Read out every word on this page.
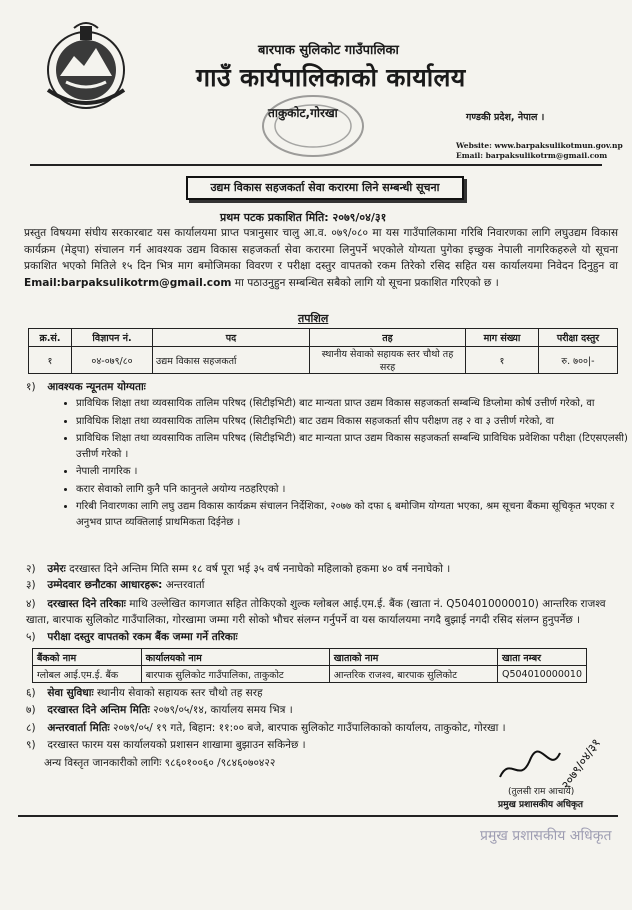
बारपाक सुलिकोट गाउँपालिका
गाउँ कार्यपालिकाको कार्यालय
ताकुकोट,गोरखा	गण्डकी प्रदेश, नेपाल ।
Website: www.barpaksulikotmun.gov.np
Email: barpaksulikotrm@gmail.com
उद्यम विकास सहजकर्ता सेवा करारमा लिने सम्बन्धी सूचना
प्रथम पटक प्रकाशित मिति: २०७९/०४/३१
प्रस्तुत विषयमा संघीय सरकारबाट यस कार्यालयमा प्राप्त पत्रानुसार चालु आ.व. ०७९/०८० मा यस गाउँपालिकामा गरिबि निवारणका लागि लघुउद्यम विकास कार्यक्रम (मेड्पा) संचालन गर्न आवश्यक उद्यम विकास सहजकर्ता सेवा करारमा लिनुपर्ने भएकोले योग्यता पुगेका इच्छुक नेपाली नागरिकहरुले यो सूचना प्रकाशित भएको मितिले १५ दिन भित्र माग बमोजिमका विवरण र परीक्षा दस्तुर वापतको रकम तिरेको रसिद सहित यस कार्यालयमा निवेदन दिनुहुन वा Email:barpaksulikotrm@gmail.com मा पठाउनुहुन सम्बन्धित सबैको लागि यो सूचना प्रकाशित गरिएको छ ।
तपशिल
क्र.सं.	विज्ञापन नं.	पद	तह	माग संख्या	परीक्षा दस्तुर
१	०४-०७९/८०	उद्यम विकास सहजकर्ता	स्थानीय सेवाको सहायक स्तर चौथो तह सरह	१	रु. ७००|-
१) आवश्यक न्यूनतम योग्यताः
• प्राविधिक शिक्षा तथा व्यवसायिक तालिम परिषद (सिटीइभिटी) बाट मान्यता प्राप्त उद्यम विकास सहजकर्ता सम्बन्धि डिप्लोमा कोर्ष उत्तीर्ण गरेको, वा
• प्राविधिक शिक्षा तथा व्यवसायिक तालिम परिषद (सिटीइभिटी) बाट उद्यम विकास सहजकर्ता सीप परीक्षण तह २ वा ३ उत्तीर्ण गरेको, वा
• प्राविधिक शिक्षा तथा व्यवसायिक तालिम परिषद (सिटीइभिटी) बाट मान्यता प्राप्त उद्यम विकास सहजकर्ता सम्बन्धि प्राविधिक प्रवेशिका परीक्षा (टिएसएलसी) उत्तीर्ण गरेको ।
• नेपाली नागरिक ।
• करार सेवाको लागि कुनै पनि कानुनले अयोग्य नठहरिएको ।
• गरिबी निवारणका लागि लघु उद्यम विकास कार्यक्रम संचालन निर्देशिका, २०७७ को दफा ६ बमोजिम योग्यता भएका, श्रम सूचना बैंकमा सूचिकृत भएका र अनुभव प्राप्त व्यक्तिलाई प्राथमिकता दिईनेछ ।
२) उमेरः दरखास्त दिने अन्तिम मिति सम्म १८ वर्ष पूरा भई ३५ वर्ष ननाघेको महिलाको हकमा ४० वर्ष ननाघेको ।
३) उम्मेदवार छनौटका आधारहरू: अन्तरवार्ता
४) दरखास्त दिने तरिकाः माथि उल्लेखित कागजात सहित तोकिएको शुल्क ग्लोबल आई.एम.ई. बैंक (खाता नं. Q504010000010) आन्तरिक राजश्व खाता, बारपाक सुलिकोट गाउँपालिका, गोरखामा जम्मा गरी सोको भौचर संलग्न गर्नुपर्ने वा यस कार्यालयमा नगदै बुझाई नगदी रसिद संलग्न हुनुपर्नेछ ।
५) परीक्षा दस्तुर वापतको रकम बैंक जम्मा गर्ने तरिकाः
बैंकको नाम	कार्यालयको नाम	खाताको नाम	खाता नम्बर
ग्लोबल आई.एम.ई. बैंक	बारपाक सुलिकोट गाउँपालिका, ताकुकोट	आन्तरिक राजश्व, बारपाक सुलिकोट	Q504010000010
६) सेवा सुविधाः स्थानीय सेवाको सहायक स्तर चौथो तह सरह
७) दरखास्त दिने अन्तिम मितिः २०७९/०५/१४, कार्यालय समय भित्र ।
८) अन्तरवार्ता मितिः २०७९/०५/ १९ गते, बिहान: ११:०० बजे, बारपाक सुलिकोट गाउँपालिकाको कार्यालय, ताकुकोट, गोरखा ।
९) दरखास्त फारम यस कार्यालयको प्रशासन शाखामा बुझाउन सकिनेछ ।
अन्य विस्तृत जानकारीको लागिः ९८६०१००६० /९८४६०७०४२२	२०७९/०४/३१
(तुलसी राम आचार्य)
प्रमुख प्रशासकीय अधिकृत
प्रमुख प्रशासकीय अधिकृत
